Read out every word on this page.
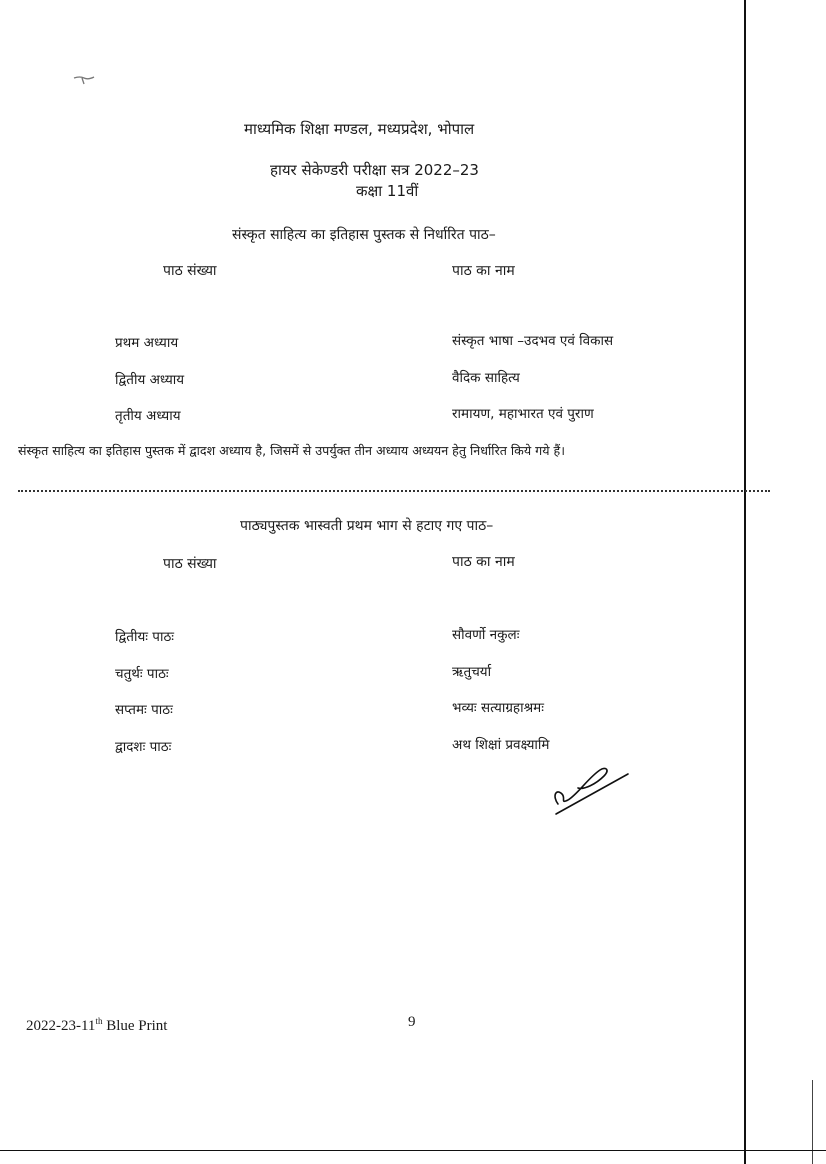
माध्यमिक शिक्षा मण्डल, मध्यप्रदेश, भोपाल
हायर सेकेण्डरी परीक्षा सत्र 2022–23
कक्षा 11वीं
संस्कृत साहित्य का इतिहास पुस्तक से निर्धारित पाठ–
पाठ संख्या	पाठ का नाम
प्रथम अध्याय	संस्कृत भाषा –उदभव एवं विकास
द्वितीय अध्याय	वैदिक साहित्य
तृतीय अध्याय	रामायण, महाभारत एवं पुराण
संस्कृत साहित्य का इतिहास पुस्तक में द्वादश अध्याय है, जिसमें से उपर्युक्त तीन अध्याय अध्ययन हेतु निर्धारित किये गये हैं।
पाठ्यपुस्तक भास्वती प्रथम भाग से हटाए गए पाठ–
पाठ संख्या	पाठ का नाम
द्वितीयः पाठः	सौवर्णो नकुलः
चतुर्थः पाठः	ऋतुचर्या
सप्तमः पाठः	भव्यः सत्याग्रहाश्रमः
द्वादशः पाठः	अथ शिक्षां प्रवक्ष्यामि
2022-23-11th Blue Print	9
